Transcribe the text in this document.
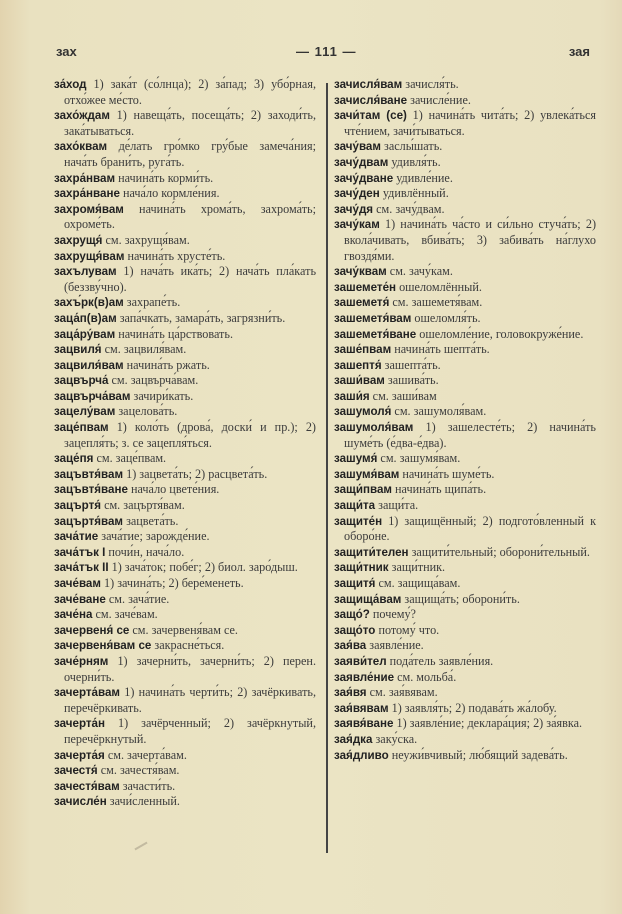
зах	— 111 —	зая
за́ход 1) зака́т (со́лнца); 2) за́пад; 3) убо́рная, отхо́жее ме́сто.
захо́ждам 1) навеща́ть, посеща́ть; 2) заходи́ть, зака́тываться.
захо́квам де́лать гро́мко гру́бые замеча́ния; нача́ть брани́ть, руга́ть.
захра́нвам начина́ть корми́ть.
захра́нване нача́ло кормле́ния.
захромя́вам начина́ть хрома́ть, захрома́ть; охроме́ть.
захрущя́ см. захрущя́вам.
захрущя́вам начина́ть хрусте́ть.
захълувам 1) нача́ть ика́ть; 2) нача́ть пла́кать (беззву́чно).
захъ́рк(в)ам захрапе́ть.
заца́п(в)ам запа́чкать, замара́ть, загрязни́ть.
заца́ру́вам начина́ть ца́рствовать.
зацвиля́ см. зацвиля́вам.
зацвиля́вам начина́ть ржать.
зацвърча́ см. зацвърча́вам.
зацвърча́вам зачири́кать.
зацелу́вам зацелова́ть.
заце́пвам 1) коло́ть (дрова́, доски́ и пр.); 2) зацепля́ть; з. се зацепля́ться.
заце́пя см. заце́пвам.
зацъвтя́вам 1) зацвета́ть; 2) расцвета́ть.
зацъвтя́ване нача́ло цвете́ния.
зацъртя́ см. зацъртя́вам.
зацъртя́вам зацвета́ть.
зача́тие зача́тие; зарожде́ние.
зача́тък I почи́н, нача́ло.
зача́тък II 1) зача́ток; побе́г; 2) биол. заро́дыш.
заче́вам 1) зачина́ть; 2) бере́менеть.
заче́ване см. зача́тие.
заче́на см. заче́вам.
зачервеня́ се см. зачервеня́вам се.
зачервеня́вам се закрасне́ться.
заче́рням 1) зачерни́ть, зачерни́ть; 2) перен. очерни́ть.
зачерта́вам 1) начина́ть черти́ть; 2) зачёркивать, перечёркивать.
зачерта́н 1) зачёрченный; 2) зачёркнутый, перечёркнутый.
зачерта́я см. зачерта́вам.
зачестя́ см. зачестя́вам.
зачестя́вам зачасти́ть.
зачисле́н зачи́сленный.
зачисля́вам зачисля́ть.
зачисля́ване зачисле́ние.
зачи́там (се) 1) начина́ть чита́ть; 2) увлека́ться чте́нием, зачи́тываться.
зачу́вам заслы́шать.
зачу́двам удивля́ть.
зачу́дване удивле́ние.
зачу́ден удивлённый.
зачу́дя см. зачу́двам.
зачу́кам 1) начина́ть ча́сто и си́льно стуча́ть; 2) вкола́чивать, вбива́ть; 3) забива́ть на́глухо гвоздя́ми.
зачу́квам см. зачу́кам.
зашемете́н ошеломлённый.
зашеметя́ см. зашеметя́вам.
зашеметя́вам ошеломля́ть.
зашеметя́ване ошеломле́ние, головокруже́ние.
заше́пвам начина́ть шепта́ть.
зашептя́ зашепта́ть.
заши́вам зашива́ть.
заши́я см. заши́вам
зашумоля́ см. зашумоля́вам.
зашумоля́вам 1) зашелесте́ть; 2) начина́ть шуме́ть (е́два-е́два).
зашумя́ см. зашумя́вам.
зашумя́вам начина́ть шуме́ть.
защи́пвам начина́ть щипа́ть.
защи́та защи́та.
защите́н 1) защищённый; 2) подгото́вленный к оборо́не.
защити́телен защити́тельный; оборони́тельный.
защи́тник защи́тник.
защитя́ см. защища́вам.
защища́вам защища́ть; оборони́ть.
защо́? почему́?
защо́то потому́ что.
зая́ва заявле́ние.
заяви́тел пода́тель заявле́ния.
заявле́ние см. мольба́.
зая́вя см. зая́вявам.
зая́вявам 1) заявля́ть; 2) подава́ть жа́лобу.
заявя́ване 1) заявле́ние; деклара́ция; 2) за́явка.
зая́дка заку́ска.
зая́дливо неужи́вчивый; лю́бящий задева́ть.
